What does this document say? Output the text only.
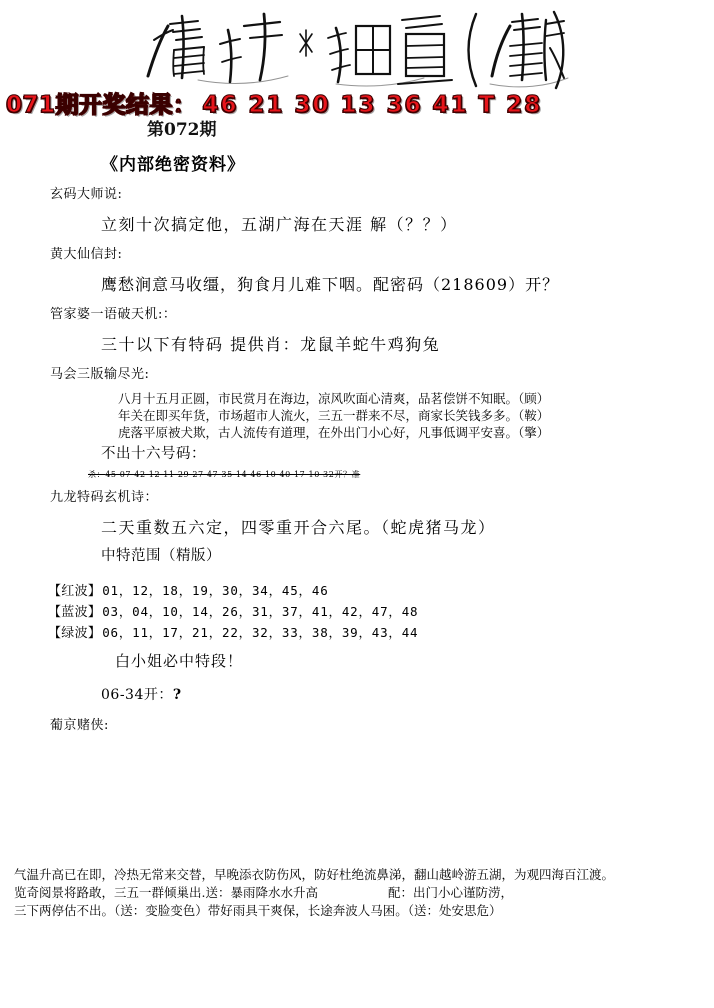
071期开奖结果： 46 21 30 13 36 41 T 28
第072期
《内部绝密资料》
玄码大师说:
立刻十次搞定他，五湖广海在天涯 解（？？）
黄大仙信封:
鹰愁涧意马收缰，狗食月儿难下咽。配密码（218609）开？
管家婆一语破天机:：
三十以下有特码 提供肖：龙鼠羊蛇牛鸡狗兔
马会三版输尽光:
八月十五月正圆，市民赏月在海边，凉风吹面心清爽，品茗偿饼不知眠。（顾）
年关在即买年货，市场超市人流火，三五一群来不尽，商家长笑钱多多。（鞍）
虎落平原被犬欺，古人流传有道理，在外出门小心好，凡事低调平安喜。（擎）
不出十六号码：
杀：45 07 42 12 11 29 27 47 35 14 46 10 40 17 10 32开？准
九龙特码玄机诗：
二天重数五六定，四零重开合六尾。（蛇虎猪马龙）
中特范围（精版）
【红波】01，12，18，19，30，34，45，46
【蓝波】03，04，10，14，26，31，37，41，42，47，48
【绿波】06，11，17，21，22，32，33，38，39，43，44
白小姐必中特段！
06-34开：?
葡京赌侠:
气温升高已在即，冷热无常来交替，早晚添衣防伤风，防好杜绝流鼻涕，翻山越岭游五湖，为观四海百江渡。
览奇阅景将路敢，三五一群倾巢出.送：暴雨降水水升高	配：出门小心谨防涝，
三下两停估不出。（送：变脸变色）带好雨具干爽保，长途奔波人马困。（送：处安思危）
